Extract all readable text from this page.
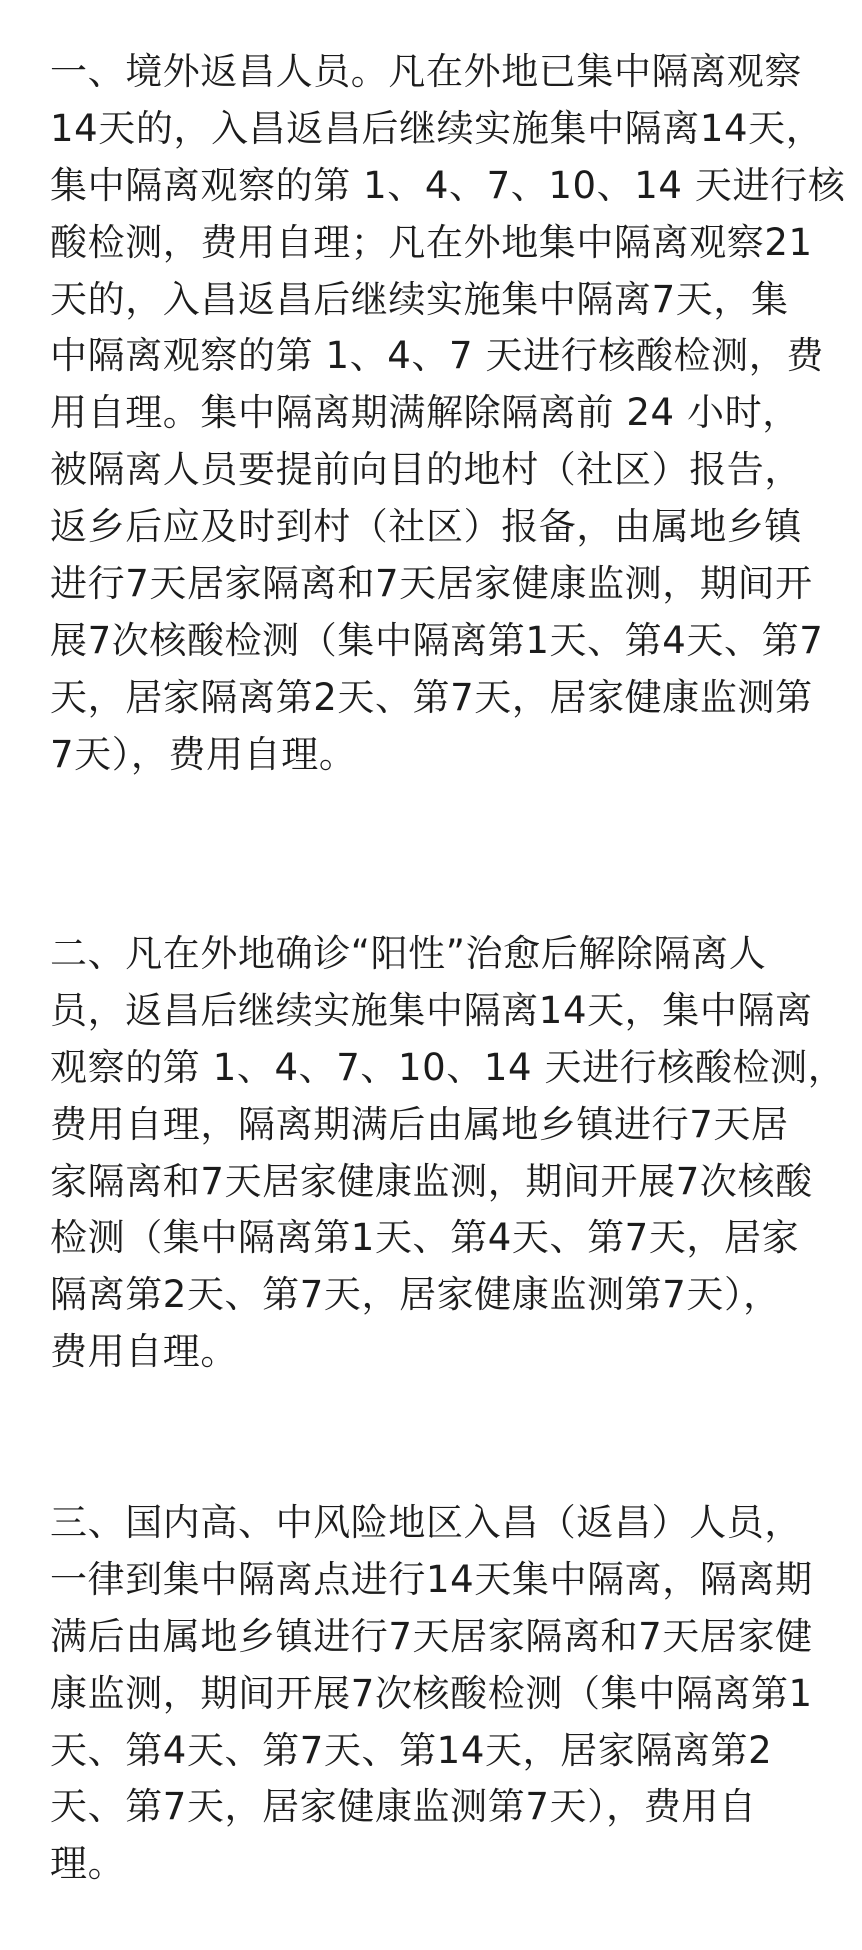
一、境外返昌人员。凡在外地已集中隔离观察
14天的，入昌返昌后继续实施集中隔离14天，
集中隔离观察的第 1、4、7、10、14 天进行核
酸检测，费用自理；凡在外地集中隔离观察21
天的，入昌返昌后继续实施集中隔离7天，集
中隔离观察的第 1、4、7 天进行核酸检测，费
用自理。集中隔离期满解除隔离前 24 小时，
被隔离人员要提前向目的地村（社区）报告，
返乡后应及时到村（社区）报备，由属地乡镇
进行7天居家隔离和7天居家健康监测，期间开
展7次核酸检测（集中隔离第1天、第4天、第7
天，居家隔离第2天、第7天，居家健康监测第
7天），费用自理。
二、凡在外地确诊“阳性”治愈后解除隔离人
员，返昌后继续实施集中隔离14天，集中隔离
观察的第 1、4、7、10、14 天进行核酸检测，
费用自理，隔离期满后由属地乡镇进行7天居
家隔离和7天居家健康监测，期间开展7次核酸
检测（集中隔离第1天、第4天、第7天，居家
隔离第2天、第7天，居家健康监测第7天），
费用自理。
三、国内高、中风险地区入昌（返昌）人员，
一律到集中隔离点进行14天集中隔离，隔离期
满后由属地乡镇进行7天居家隔离和7天居家健
康监测，期间开展7次核酸检测（集中隔离第1
天、第4天、第7天、第14天，居家隔离第2
天、第7天，居家健康监测第7天），费用自
理。
